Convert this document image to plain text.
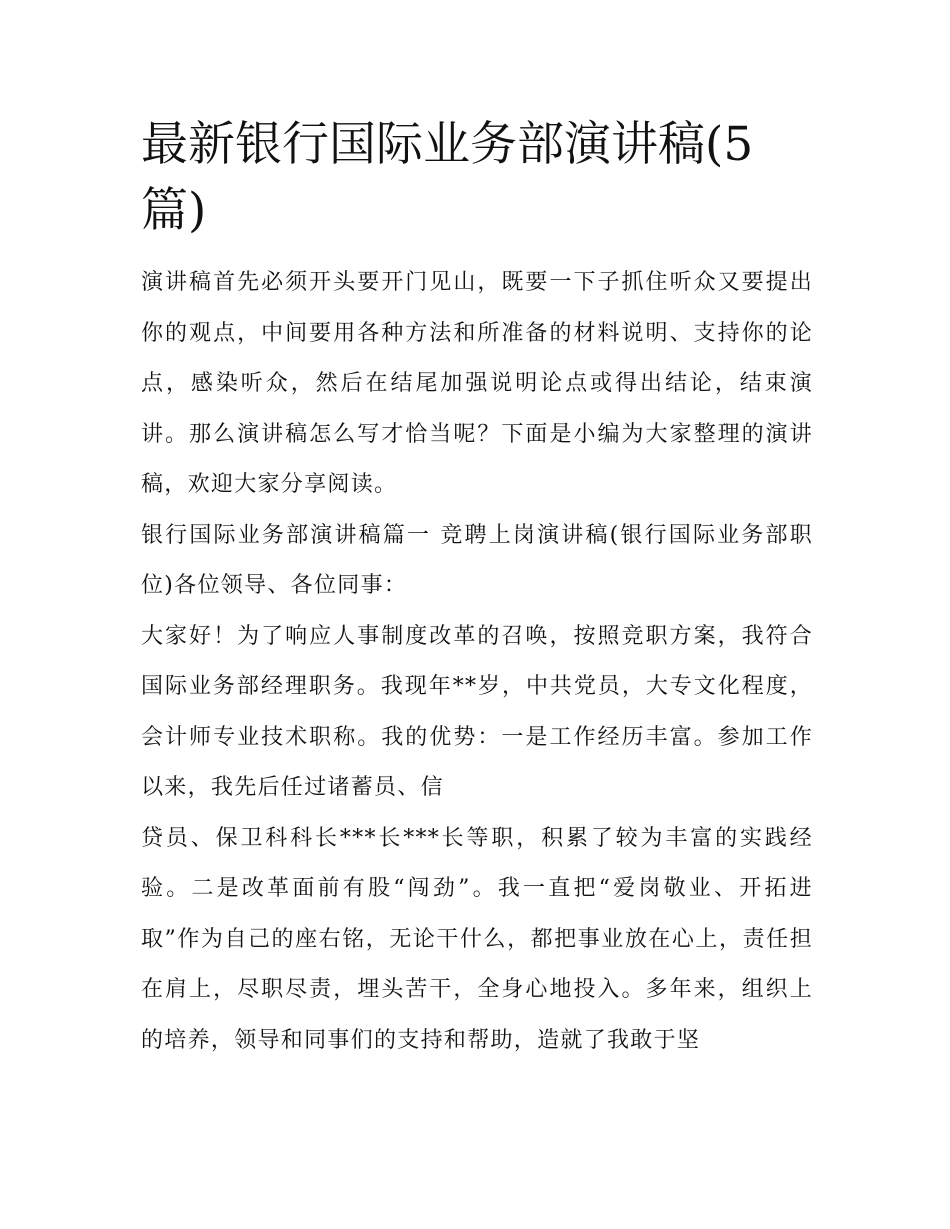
最新银行国际业务部演讲稿(5篇)

演讲稿首先必须开头要开门见山，既要一下子抓住听众又要提出你的观点，中间要用各种方法和所准备的材料说明、支持你的论点，感染听众，然后在结尾加强说明论点或得出结论，结束演讲。那么演讲稿怎么写才恰当呢？下面是小编为大家整理的演讲稿，欢迎大家分享阅读。

银行国际业务部演讲稿篇一 竞聘上岗演讲稿(银行国际业务部职位)各位领导、各位同事：

大家好！为了响应人事制度改革的召唤，按照竞职方案，我符合国际业务部经理职务。我现年**岁，中共党员，大专文化程度，会计师专业技术职称。我的优势：一是工作经历丰富。参加工作以来，我先后任过诸蓄员、信

贷员、保卫科科长***长***长等职，积累了较为丰富的实践经验。二是改革面前有股“闯劲”。我一直把“爱岗敬业、开拓进取”作为自己的座右铭，无论干什么，都把事业放在心上，责任担在肩上，尽职尽责，埋头苦干，全身心地投入。多年来，组织上的培养，领导和同事们的支持和帮助，造就了我敢于坚
